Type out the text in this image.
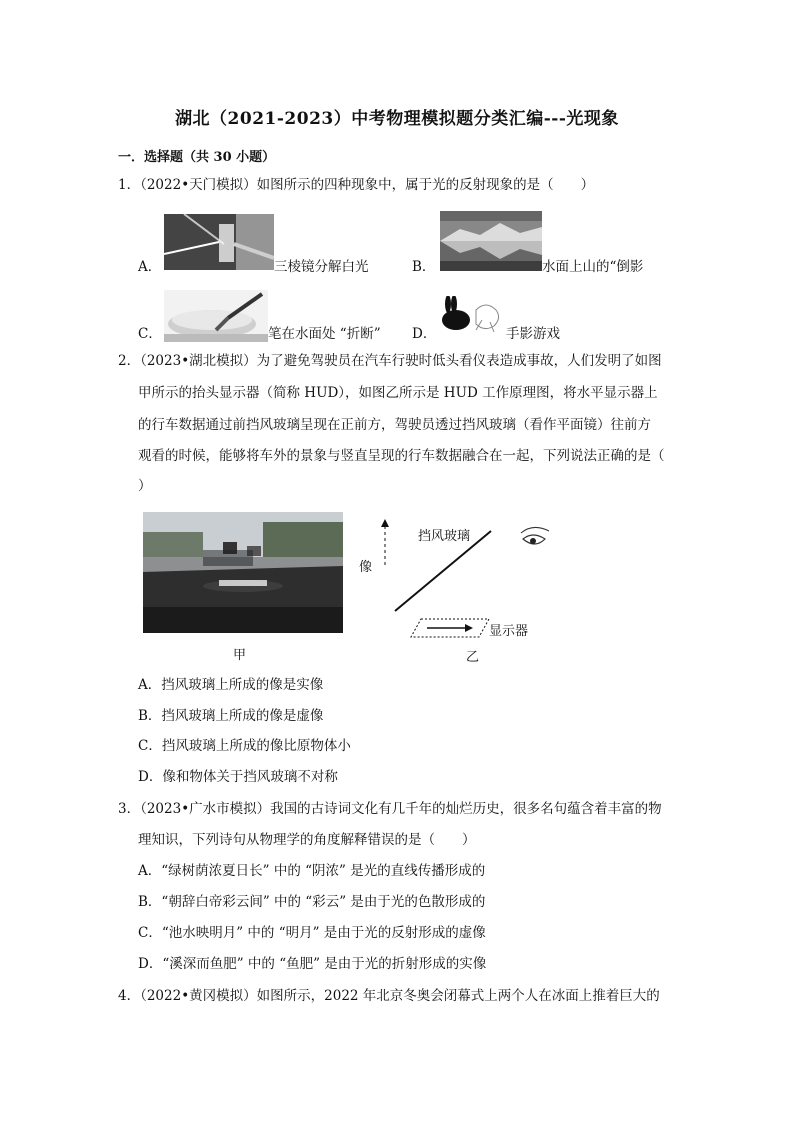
湖北（2021-2023）中考物理模拟题分类汇编---光现象
一．选择题（共 30 小题）
1．（2022•天门模拟）如图所示的四种现象中，属于光的反射现象的是（　　）
A．	三棱镜分解白光	B．	水面上山的“倒影
C．	笔在水面处 “折断” D．	手影游戏
2．（2023•湖北模拟）为了避免驾驶员在汽车行驶时低头看仪表造成事故，人们发明了如图
甲所示的抬头显示器（简称 HUD），如图乙所示是 HUD 工作原理图，将水平显示器上
的行车数据通过前挡风玻璃呈现在正前方，驾驶员透过挡风玻璃（看作平面镜）往前方
观看的时候，能够将车外的景象与竖直呈现的行车数据融合在一起，下列说法正确的是（
）
甲
挡风玻璃
像
显示器
乙
A．挡风玻璃上所成的像是实像
B．挡风玻璃上所成的像是虚像
C．挡风玻璃上所成的像比原物体小
D．像和物体关于挡风玻璃不对称
3．（2023•广水市模拟）我国的古诗词文化有几千年的灿烂历史，很多名句蕴含着丰富的物
理知识，下列诗句从物理学的角度解释错误的是（　　）
A．“绿树荫浓夏日长” 中的 “阴浓” 是光的直线传播形成的
B．“朝辞白帝彩云间” 中的 “彩云” 是由于光的色散形成的
C．“池水映明月” 中的 “明月” 是由于光的反射形成的虚像
D．“溪深而鱼肥” 中的 “鱼肥” 是由于光的折射形成的实像
4．（2022•黄冈模拟）如图所示，2022 年北京冬奥会闭幕式上两个人在冰面上推着巨大的
